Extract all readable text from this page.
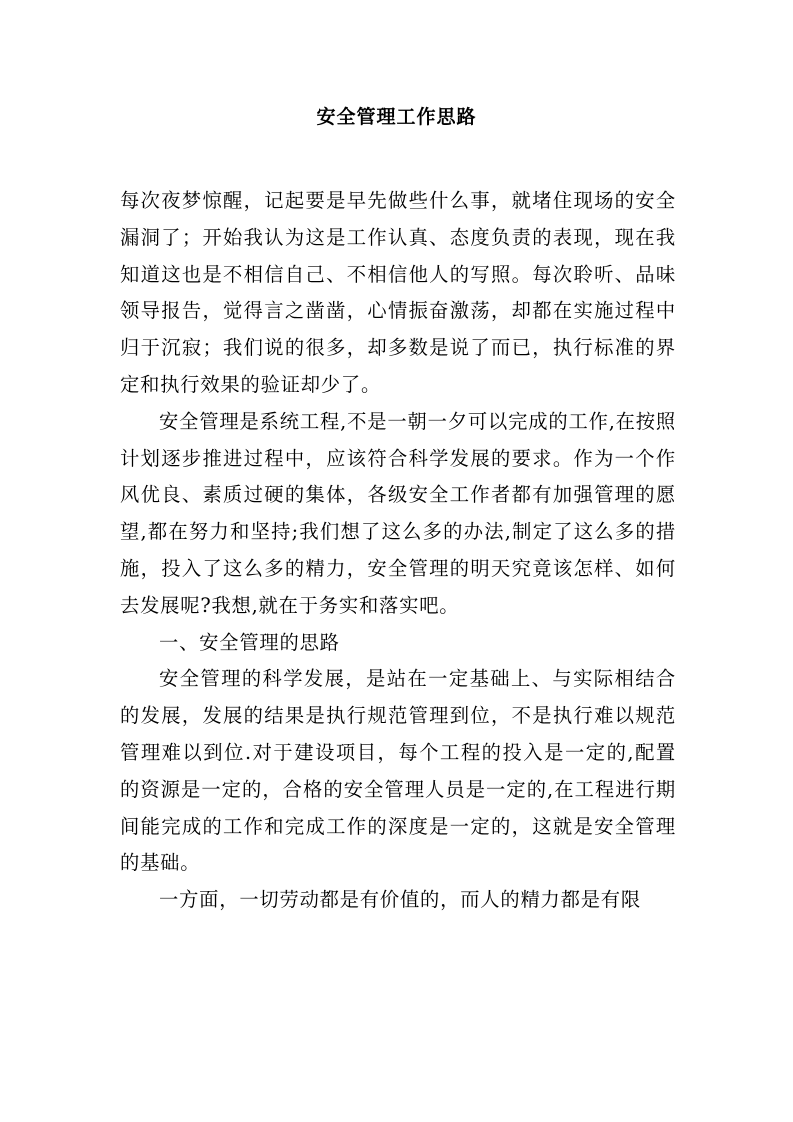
安全管理工作思路

每次夜梦惊醒，记起要是早先做些什么事，就堵住现场的安全漏洞了；开始我认为这是工作认真、态度负责的表现，现在我知道这也是不相信自己、不相信他人的写照。每次聆听、品味领导报告，觉得言之凿凿，心情振奋激荡，却都在实施过程中归于沉寂；我们说的很多，却多数是说了而已，执行标准的界定和执行效果的验证却少了。

安全管理是系统工程,不是一朝一夕可以完成的工作,在按照计划逐步推进过程中，应该符合科学发展的要求。作为一个作风优良、素质过硬的集体，各级安全工作者都有加强管理的愿望,都在努力和坚持;我们想了这么多的办法,制定了这么多的措施，投入了这么多的精力，安全管理的明天究竟该怎样、如何去发展呢?我想,就在于务实和落实吧。

一、安全管理的思路

安全管理的科学发展，是站在一定基础上、与实际相结合的发展，发展的结果是执行规范管理到位，不是执行难以规范管理难以到位.对于建设项目，每个工程的投入是一定的,配置的资源是一定的，合格的安全管理人员是一定的,在工程进行期间能完成的工作和完成工作的深度是一定的，这就是安全管理的基础。

一方面，一切劳动都是有价值的，而人的精力都是有限
